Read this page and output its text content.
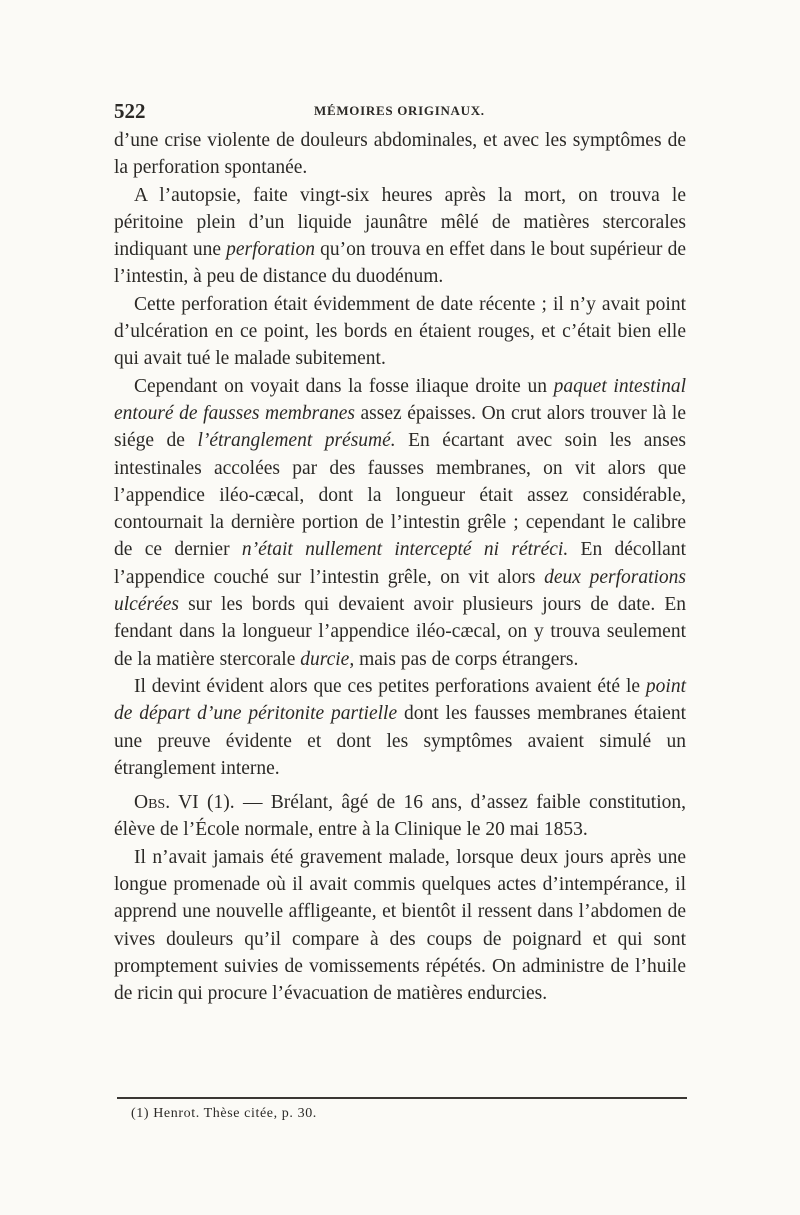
522	MÉMOIRES ORIGINAUX.

d’une crise violente de douleurs abdominales, et avec les symptômes de la perforation spontanée.

A l’autopsie, faite vingt-six heures après la mort, on trouva le péritoine plein d’un liquide jaunâtre mêlé de matières stercorales indiquant une perforation qu’on trouva en effet dans le bout supérieur de l’intestin, à peu de distance du duodénum.

Cette perforation était évidemment de date récente ; il n’y avait point d’ulcération en ce point, les bords en étaient rouges, et c’était bien elle qui avait tué le malade subitement.

Cependant on voyait dans la fosse iliaque droite un paquet intestinal entouré de fausses membranes assez épaisses. On crut alors trouver là le siége de l’étranglement présumé. En écartant avec soin les anses intestinales accolées par des fausses membranes, on vit alors que l’appendice iléo-cæcal, dont la longueur était assez considérable, contournait la dernière portion de l’intestin grêle ; cependant le calibre de ce dernier n’était nullement intercepté ni rétréci. En décollant l’appendice couché sur l’intestin grêle, on vit alors deux perforations ulcérées sur les bords qui devaient avoir plusieurs jours de date. En fendant dans la longueur l’appendice iléo-cæcal, on y trouva seulement de la matière stercorale durcie, mais pas de corps étrangers.

Il devint évident alors que ces petites perforations avaient été le point de départ d’une péritonite partielle dont les fausses membranes étaient une preuve évidente et dont les symptômes avaient simulé un étranglement interne.

Obs. VI (1). — Brélant, âgé de 16 ans, d’assez faible constitution, élève de l’École normale, entre à la Clinique le 20 mai 1853.

Il n’avait jamais été gravement malade, lorsque deux jours après une longue promenade où il avait commis quelques actes d’intempérance, il apprend une nouvelle affligeante, et bientôt il ressent dans l’abdomen de vives douleurs qu’il compare à des coups de poignard et qui sont promptement suivies de vomissements répétés. On administre de l’huile de ricin qui procure l’évacuation de matières endurcies.

(1) Henrot. Thèse citée, p. 30.
